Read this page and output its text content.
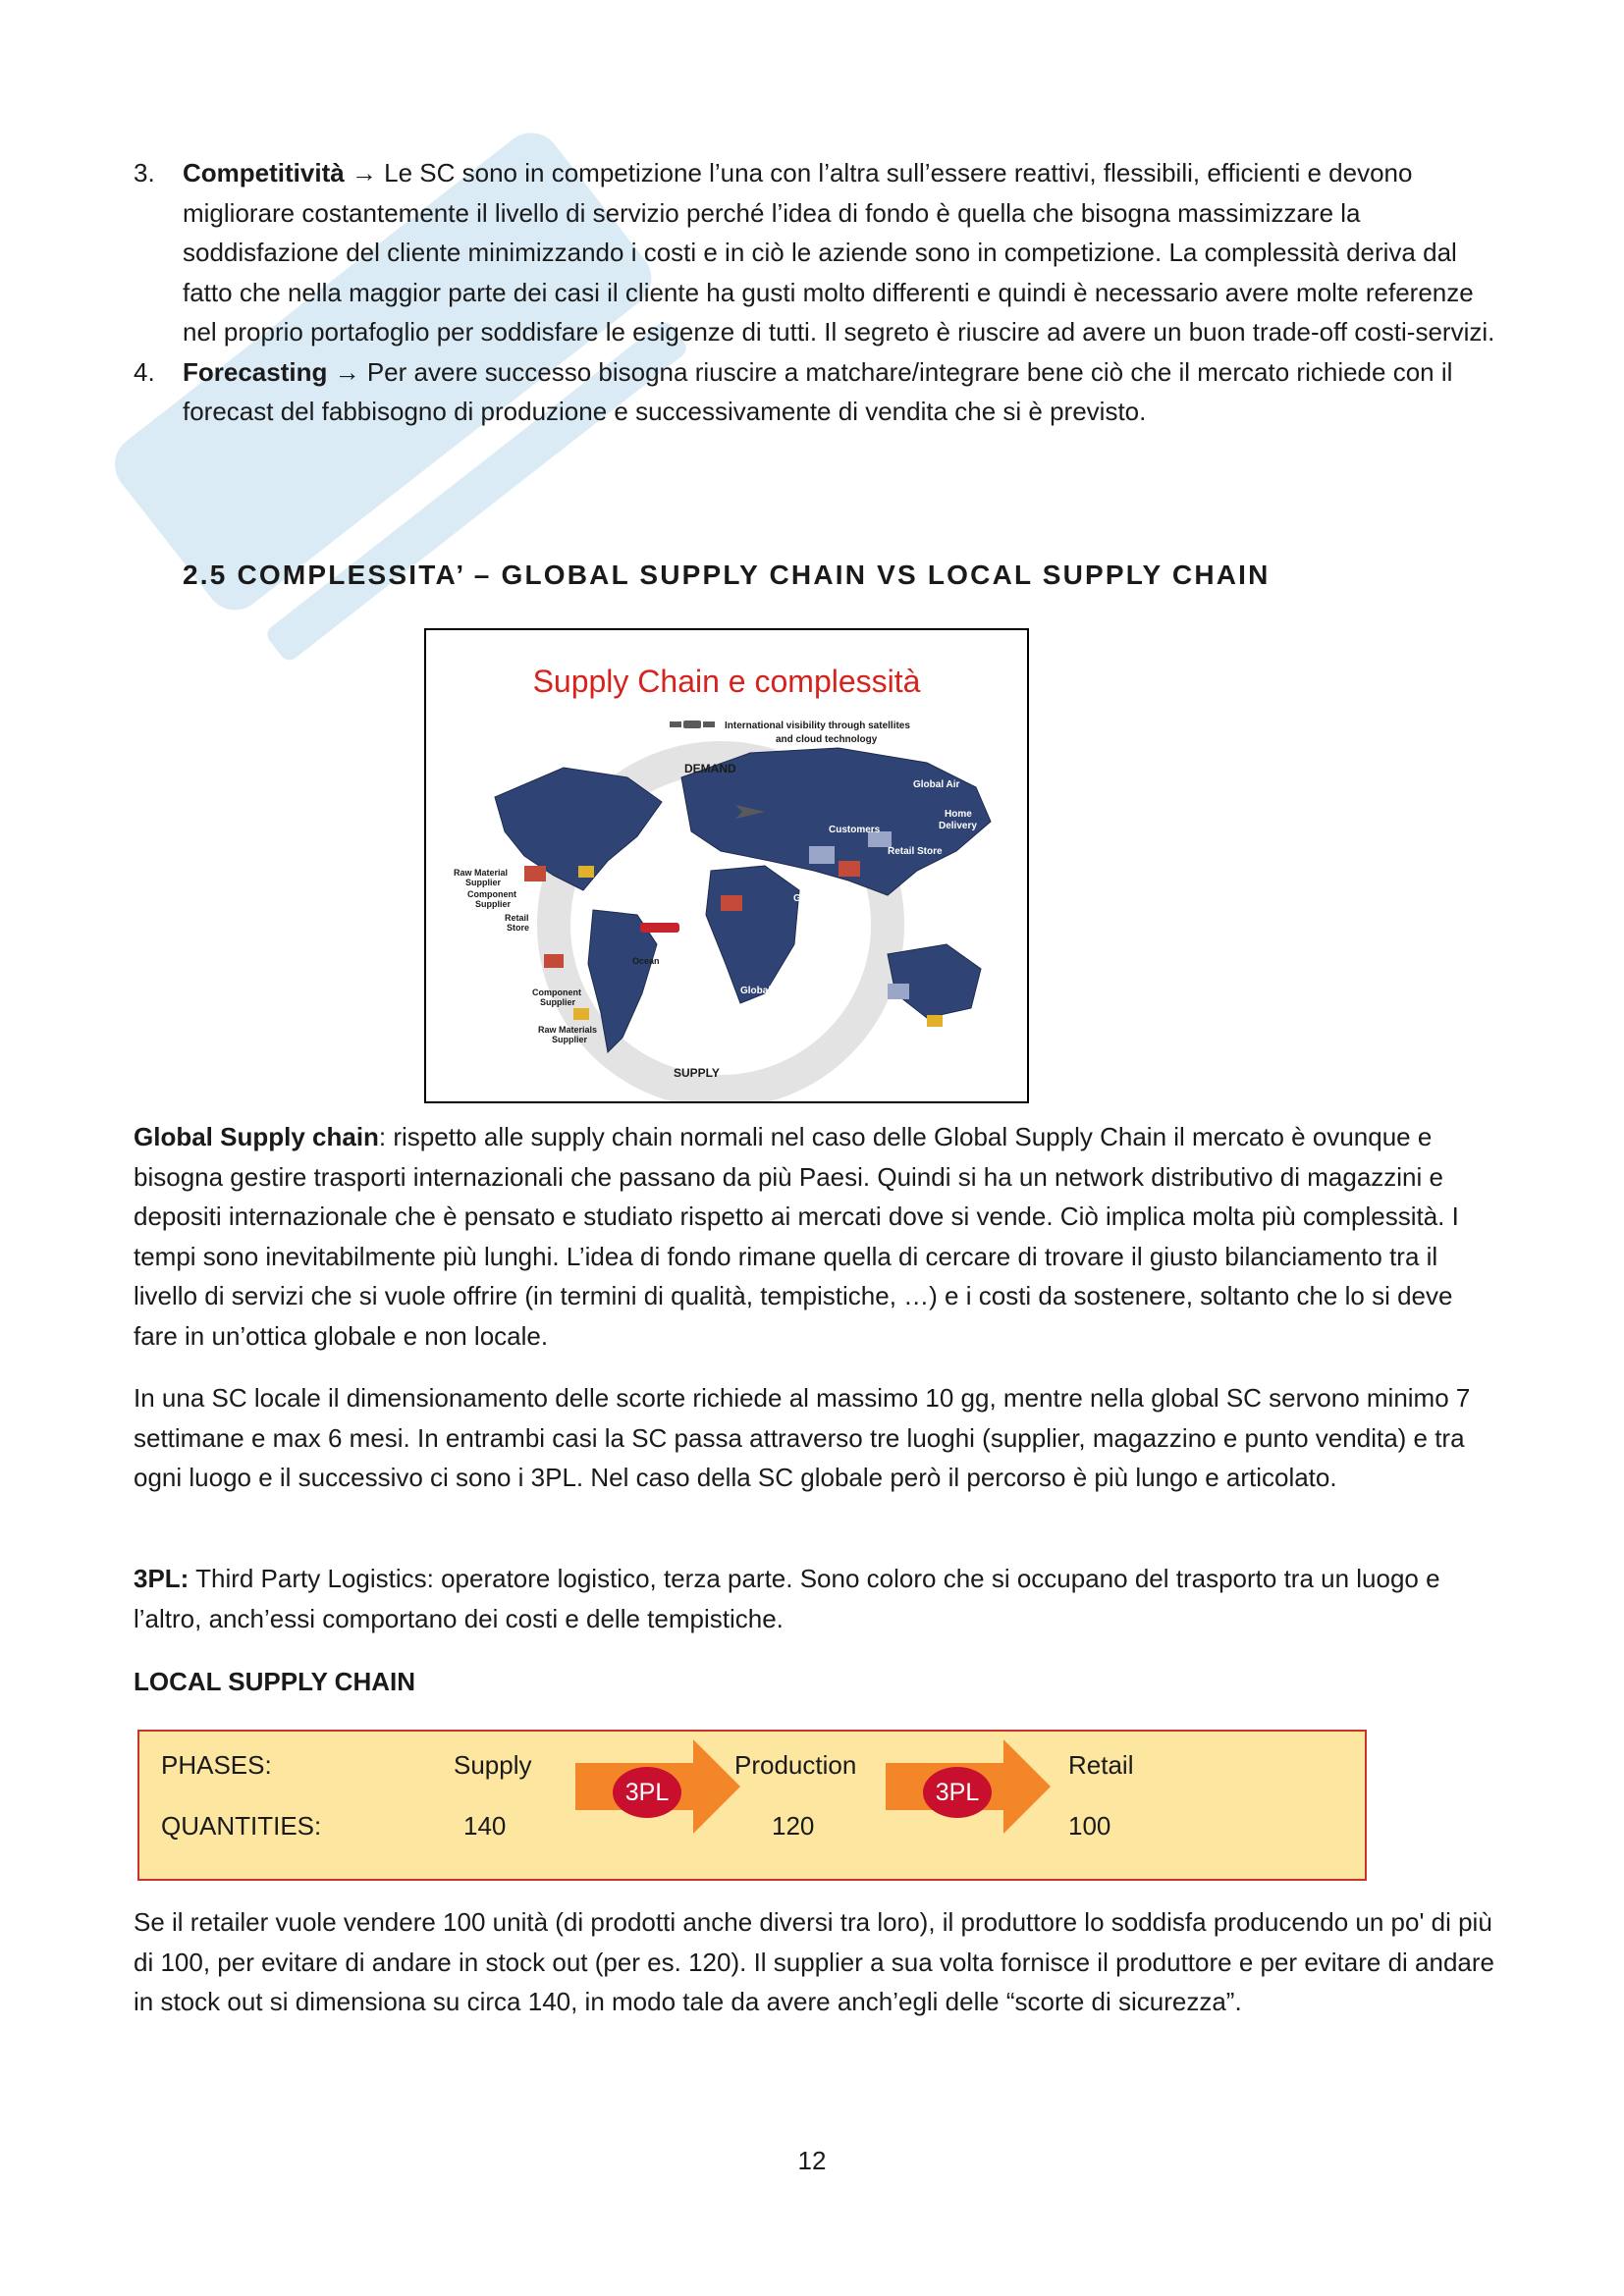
3. Competitività → Le SC sono in competizione l’una con l’altra sull’essere reattivi, flessibili, efficienti e devono migliorare costantemente il livello di servizio perché l’idea di fondo è quella che bisogna massimizzare la soddisfazione del cliente minimizzando i costi e in ciò le aziende sono in competizione. La complessità deriva dal fatto che nella maggior parte dei casi il cliente ha gusti molto differenti e quindi è necessario avere molte referenze nel proprio portafoglio per soddisfare le esigenze di tutti. Il segreto è riuscire ad avere un buon trade-off costi-servizi.
4. Forecasting → Per avere successo bisogna riuscire a matchare/integrare bene ciò che il mercato richiede con il forecast del fabbisogno di produzione e successivamente di vendita che si è previsto.
2.5 COMPLESSITA’ – GLOBAL SUPPLY CHAIN VS LOCAL SUPPLY CHAIN
Supply Chain e complessità
International visibility through satellites
and cloud technology
DEMAND
SUPPLY
Global Air
Home
Delivery
Customers
Retail Store
Global DC
Raw Material
Supplier
Component
Supplier
Retail
Store
Ocean
Component
Supplier
Raw Materials
Supplier
Global
DC

Global Supply chain: rispetto alle supply chain normali nel caso delle Global Supply Chain il mercato è ovunque e bisogna gestire trasporti internazionali che passano da più Paesi. Quindi si ha un network distributivo di magazzini e depositi internazionale che è pensato e studiato rispetto ai mercati dove si vende. Ciò implica molta più complessità. I tempi sono inevitabilmente più lunghi. L’idea di fondo rimane quella di cercare di trovare il giusto bilanciamento tra il livello di servizi che si vuole offrire (in termini di qualità, tempistiche, …) e i costi da sostenere, soltanto che lo si deve fare in un’ottica globale e non locale.

In una SC locale il dimensionamento delle scorte richiede al massimo 10 gg, mentre nella global SC servono minimo 7 settimane e max 6 mesi. In entrambi casi la SC passa attraverso tre luoghi (supplier, magazzino e punto vendita) e tra ogni luogo e il successivo ci sono i 3PL. Nel caso della SC globale però il percorso è più lungo e articolato.

3PL: Third Party Logistics: operatore logistico, terza parte. Sono coloro che si occupano del trasporto tra un luogo e l’altro, anch’essi comportano dei costi e delle tempistiche.

LOCAL SUPPLY CHAIN
PHASES:
QUANTITIES:
Supply
140
Production
120
Retail
100
3PL	3PL

Se il retailer vuole vendere 100 unità (di prodotti anche diversi tra loro), il produttore lo soddisfa producendo un po' di più di 100, per evitare di andare in stock out (per es. 120). Il supplier a sua volta fornisce il produttore e per evitare di andare in stock out si dimensiona su circa 140, in modo tale da avere anch’egli delle “scorte di sicurezza”.

12
